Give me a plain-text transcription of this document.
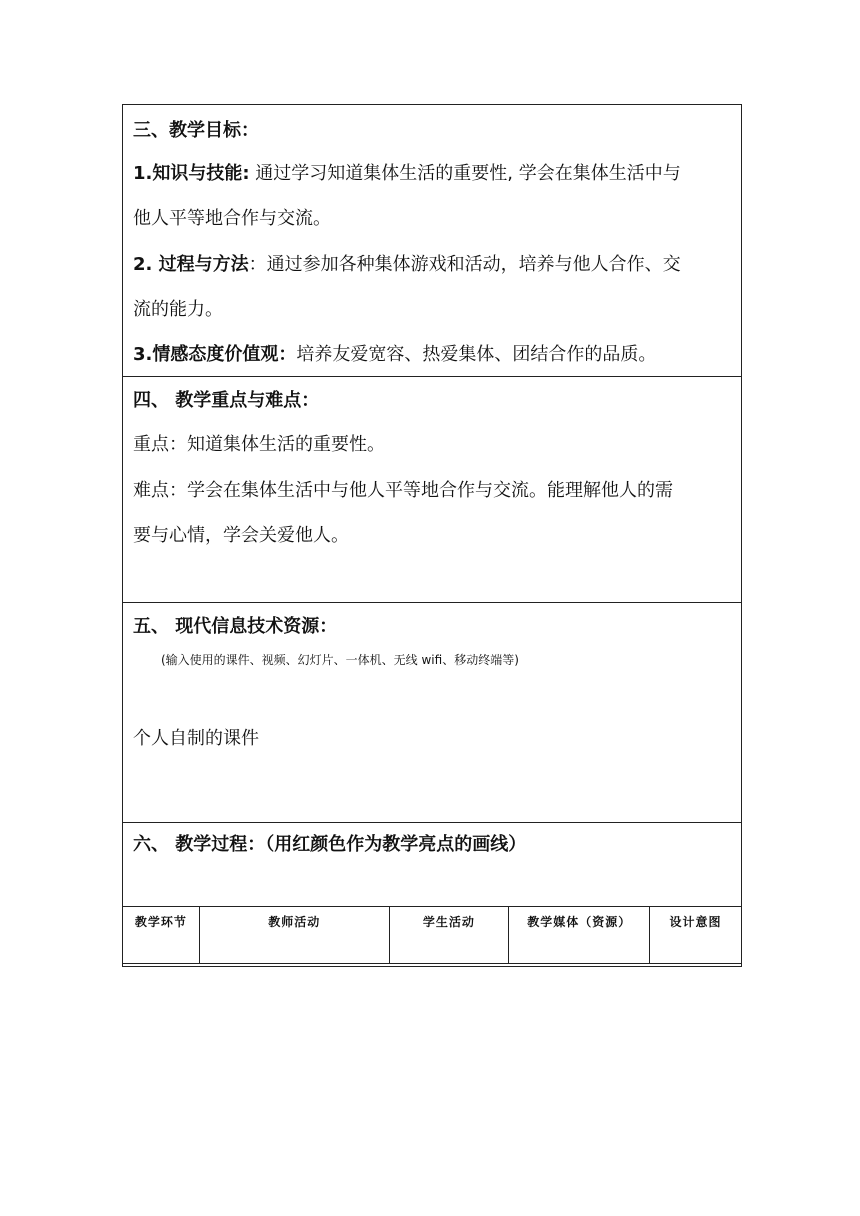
三、教学目标：
1.知识与技能: 通过学习知道集体生活的重要性, 学会在集体生活中与
他人平等地合作与交流。
2. 过程与方法：通过参加各种集体游戏和活动，培养与他人合作、交
流的能力。
3.情感态度价值观：培养友爱宽容、热爱集体、团结合作的品质。
四、 教学重点与难点：
重点：知道集体生活的重要性。
难点：学会在集体生活中与他人平等地合作与交流。能理解他人的需
要与心情，学会关爱他人。
五、 现代信息技术资源：
(输入使用的课件、视频、幻灯片、一体机、无线 wifi、移动终端等)
个人自制的课件
六、 教学过程：（用红颜色作为教学亮点的画线）
教学环节	教师活动	学生活动	教学媒体（资源）	设计意图
